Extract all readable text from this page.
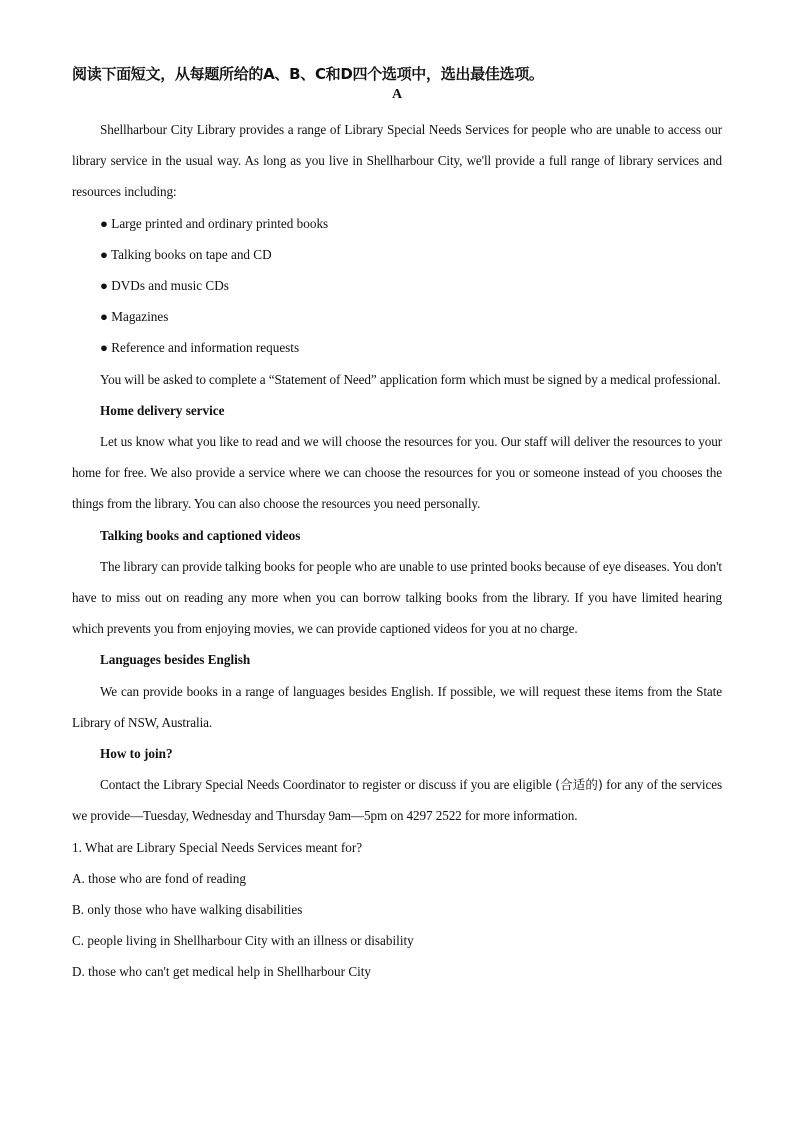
阅读下面短文，从每题所给的A、B、C和D四个选项中，选出最佳选项。
A

Shellharbour City Library provides a range of Library Special Needs Services for people who are unable to access our library service in the usual way. As long as you live in Shellharbour City, we'll provide a full range of library services and resources including:

● Large printed and ordinary printed books
● Talking books on tape and CD
● DVDs and music CDs
● Magazines
● Reference and information requests

You will be asked to complete a “Statement of Need” application form which must be signed by a medical professional.

Home delivery service

Let us know what you like to read and we will choose the resources for you. Our staff will deliver the resources to your home for free. We also provide a service where we can choose the resources for you or someone instead of you chooses the things from the library. You can also choose the resources you need personally.

Talking books and captioned videos

The library can provide talking books for people who are unable to use printed books because of eye diseases. You don't have to miss out on reading any more when you can borrow talking books from the library. If you have limited hearing which prevents you from enjoying movies, we can provide captioned videos for you at no charge.

Languages besides English

We can provide books in a range of languages besides English. If possible, we will request these items from the State Library of NSW, Australia.

How to join?

Contact the Library Special Needs Coordinator to register or discuss if you are eligible (合适的) for any of the services we provide—Tuesday, Wednesday and Thursday 9am—5pm on 4297 2522 for more information.

1. What are Library Special Needs Services meant for?
A. those who are fond of reading
B. only those who have walking disabilities
C. people living in Shellharbour City with an illness or disability
D. those who can't get medical help in Shellharbour City
